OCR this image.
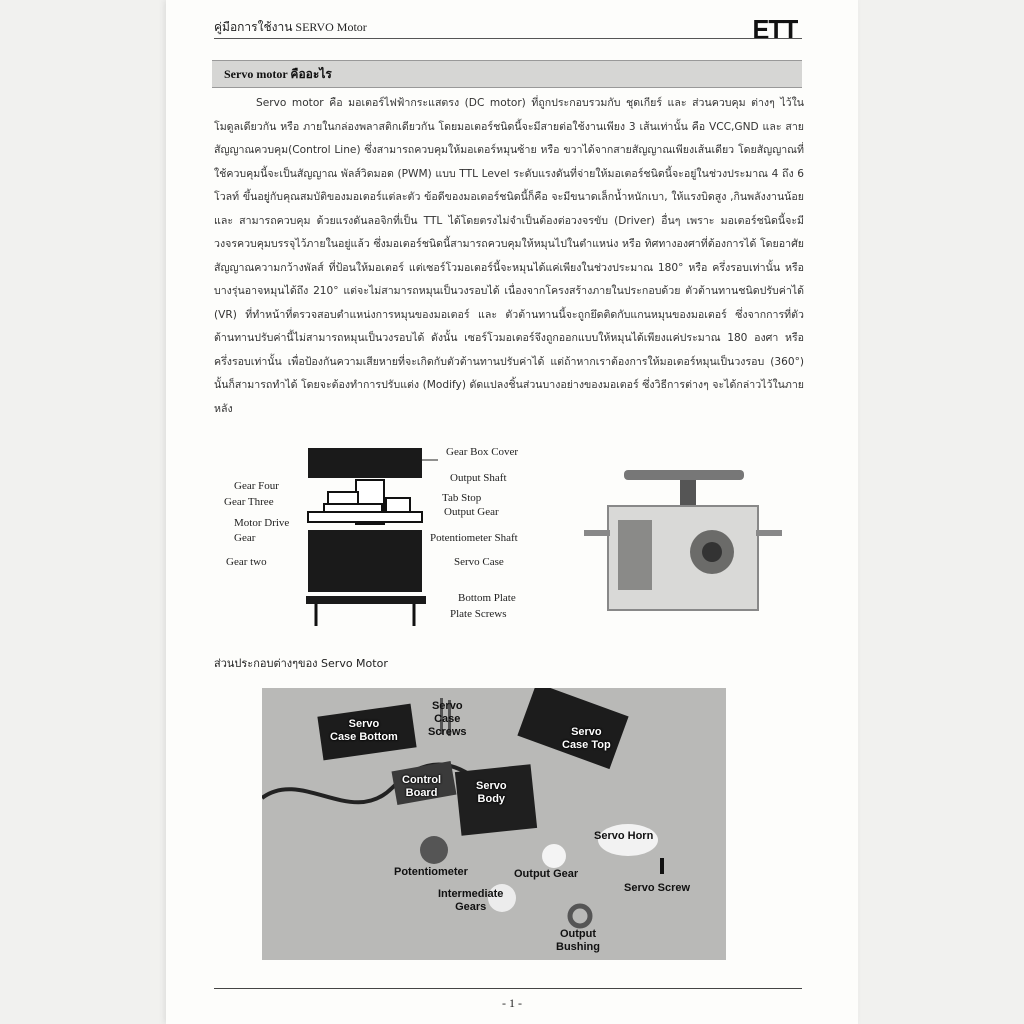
คู่มือการใช้งาน SERVO Motor	ETT
Servo motor คืออะไร

Servo motor คือ มอเตอร์ไฟฟ้ากระแสตรง (DC motor) ที่ถูกประกอบรวมกับ ชุดเกียร์ และ ส่วนควบคุม ต่างๆ ไว้ในโมดูลเดียวกัน หรือ ภายในกล่องพลาสติกเดียวกัน โดยมอเตอร์ชนิดนี้จะมีสายต่อใช้งานเพียง 3 เส้นเท่านั้น คือ VCC,GND และ สายสัญญาณควบคุม(Control Line) ซึ่งสามารถควบคุมให้มอเตอร์หมุนซ้าย หรือ ขวาได้จากสายสัญญาณเพียงเส้นเดียว โดยสัญญาณที่ใช้ควบคุมนี้จะเป็นสัญญาณ พัลส์วิดมอด (PWM) แบบ TTL Level ระดับแรงดันที่จ่ายให้มอเตอร์ชนิดนี้จะอยู่ในช่วงประมาณ 4 ถึง 6 โวลท์ ขึ้นอยู่กับคุณสมบัติของมอเตอร์แต่ละตัว ข้อดีของมอเตอร์ชนิดนี้ก็คือ จะมีขนาดเล็กน้ำหนักเบา, ให้แรงบิดสูง ,กินพลังงานน้อย และ สามารถควบคุม ด้วยแรงดันลอจิกที่เป็น TTL ได้โดยตรงไม่จำเป็นต้องต่อวงจรขับ (Driver) อื่นๆ เพราะ มอเตอร์ชนิดนี้จะมีวงจรควบคุมบรรจุไว้ภายในอยู่แล้ว ซึ่งมอเตอร์ชนิดนี้สามารถควบคุมให้หมุนไปในตำแหน่ง หรือ ทิศทางองศาที่ต้องการได้ โดยอาศัยสัญญาณความกว้างพัลส์ ที่ป้อนให้มอเตอร์ แต่เซอร์โวมอเตอร์นี้จะหมุนได้แค่เพียงในช่วงประมาณ 180° หรือ ครึ่งรอบเท่านั้น หรือ บางรุ่นอาจหมุนได้ถึง 210° แต่จะไม่สามารถหมุนเป็นวงรอบได้ เนื่องจากโครงสร้างภายในประกอบด้วย ตัวต้านทานชนิดปรับค่าได้ (VR) ที่ทำหน้าที่ตรวจสอบตำแหน่งการหมุนของมอเตอร์ และ ตัวต้านทานนี้จะถูกยึดติดกับแกนหมุนของมอเตอร์ ซึ่งจากการที่ตัวต้านทานปรับค่านี้ไม่สามารถหมุนเป็นวงรอบได้ ดังนั้น เซอร์โวมอเตอร์จึงถูกออกแบบให้หมุนได้เพียงแค่ประมาณ 180 องศา หรือ ครึ่งรอบเท่านั้น เพื่อป้องกันความเสียหายที่จะเกิดกับตัวต้านทานปรับค่าได้ แต่ถ้าหากเราต้องการให้มอเตอร์หมุนเป็นวงรอบ (360°) นั้นก็สามารถทำได้ โดยจะต้องทำการปรับแต่ง (Modify) ดัดแปลงชิ้นส่วนบางอย่างของมอเตอร์ ซึ่งวิธีการต่างๆ จะได้กล่าวไว้ในภายหลัง

Gear Box Cover
Output Shaft
Gear Four
Tab Stop
Gear Three
Output Gear
Motor Drive
Gear	Potentiometer Shaft
Gear two	Servo Case
Bottom Plate
Plate Screws
ส่วนประกอบต่างๆของ Servo Motor
Servo
Case Bottom
Servo
Case
Screws	Servo
Case Top
Control
Board
Servo
Body
Servo Horn
Potentiometer	Output Gear
Servo Screw
Intermediate
Gears
Output
Bushing
- 1 -
